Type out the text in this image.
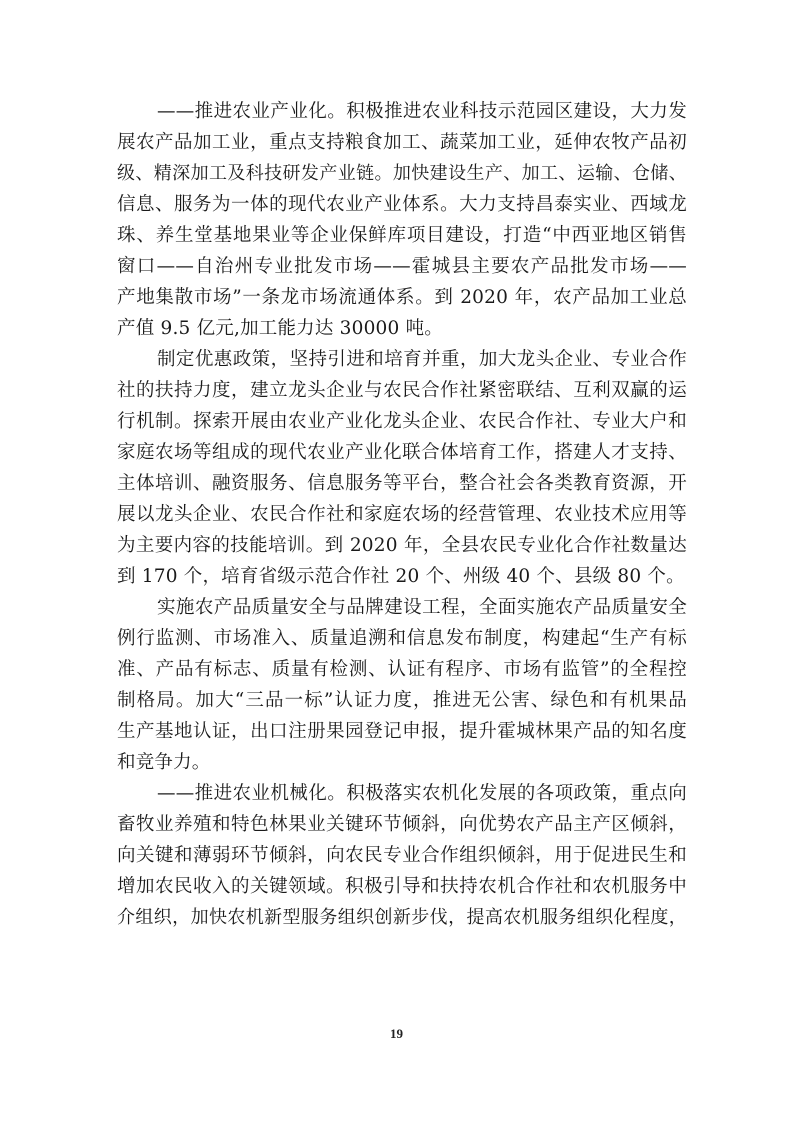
——推进农业产业化。积极推进农业科技示范园区建设，大力发
展农产品加工业，重点支持粮食加工、蔬菜加工业，延伸农牧产品初
级、精深加工及科技研发产业链。加快建设生产、加工、运输、仓储、
信息、服务为一体的现代农业产业体系。大力支持昌泰实业、西域龙
珠、养生堂基地果业等企业保鲜库项目建设，打造“中西亚地区销售
窗口——自治州专业批发市场——霍城县主要农产品批发市场——
产地集散市场”一条龙市场流通体系。到 2020 年，农产品加工业总
产值 9.5 亿元,加工能力达 30000 吨。
制定优惠政策，坚持引进和培育并重，加大龙头企业、专业合作
社的扶持力度，建立龙头企业与农民合作社紧密联结、互利双赢的运
行机制。探索开展由农业产业化龙头企业、农民合作社、专业大户和
家庭农场等组成的现代农业产业化联合体培育工作，搭建人才支持、
主体培训、融资服务、信息服务等平台，整合社会各类教育资源，开
展以龙头企业、农民合作社和家庭农场的经营管理、农业技术应用等
为主要内容的技能培训。到 2020 年，全县农民专业化合作社数量达
到 170 个，培育省级示范合作社 20 个、州级 40 个、县级 80 个。
实施农产品质量安全与品牌建设工程，全面实施农产品质量安全
例行监测、市场准入、质量追溯和信息发布制度，构建起“生产有标
准、产品有标志、质量有检测、认证有程序、市场有监管”的全程控
制格局。加大“三品一标”认证力度，推进无公害、绿色和有机果品
生产基地认证，出口注册果园登记申报，提升霍城林果产品的知名度
和竞争力。
——推进农业机械化。积极落实农机化发展的各项政策，重点向
畜牧业养殖和特色林果业关键环节倾斜，向优势农产品主产区倾斜，
向关键和薄弱环节倾斜，向农民专业合作组织倾斜，用于促进民生和
增加农民收入的关键领域。积极引导和扶持农机合作社和农机服务中
介组织，加快农机新型服务组织创新步伐，提高农机服务组织化程度，
19
